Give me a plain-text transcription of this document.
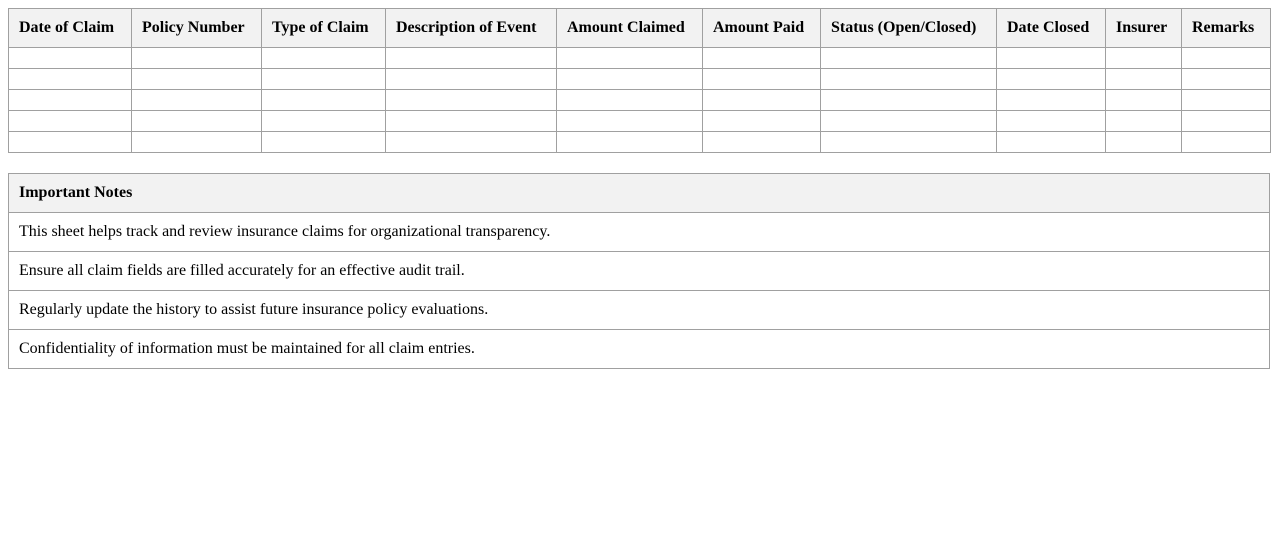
Date of Claim	Policy Number	Type of Claim	Description of Event	Amount Claimed	Amount Paid	Status (Open/Closed)	Date Closed	Insurer	Remarks

Important Notes
This sheet helps track and review insurance claims for organizational transparency.
Ensure all claim fields are filled accurately for an effective audit trail.
Regularly update the history to assist future insurance policy evaluations.
Confidentiality of information must be maintained for all claim entries.
